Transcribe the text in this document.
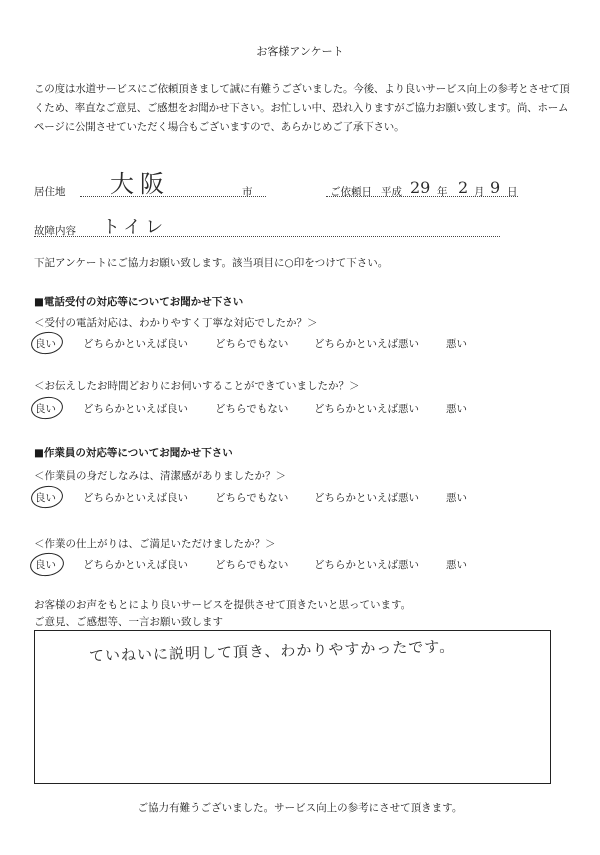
お客様アンケート
この度は水道サービスにご依頼頂きまして誠に有難うございました。今後、より良いサービス向上の参考とさせて頂くため、率直なご意見、ご感想をお聞かせ下さい。お忙しい中、恐れ入りますがご協力お願い致します。尚、ホームページに公開させていただく場合もございますので、あらかじめご了承下さい。
居住地 大阪	市	ご依頼日 平成 29 年 2 月 9 日
故障内容 トイレ
下記アンケートにご協力お願い致します。該当項目に○印をつけて下さい。
■電話受付の対応等についてお聞かせ下さい
＜受付の電話対応は、わかりやすく丁寧な対応でしたか？＞
良い	どちらかといえば良い	どちらでもない どちらかといえば悪い	悪い
＜お伝えしたお時間どおりにお伺いすることができていましたか？＞
良い	どちらかといえば良い	どちらでもない どちらかといえば悪い	悪い
■作業員の対応等についてお聞かせ下さい
＜作業員の身だしなみは、清潔感がありましたか？＞
良い	どちらかといえば良い	どちらでもない どちらかといえば悪い	悪い
＜作業の仕上がりは、ご満足いただけましたか？＞
良い	どちらかといえば良い	どちらでもない どちらかといえば悪い	悪い
お客様のお声をもとにより良いサービスを提供させて頂きたいと思っています。
ご意見、ご感想等、一言お願い致します
ていねいに説明して頂き、わかりやすかったです。
ご協力有難うございました。サービス向上の参考にさせて頂きます。
